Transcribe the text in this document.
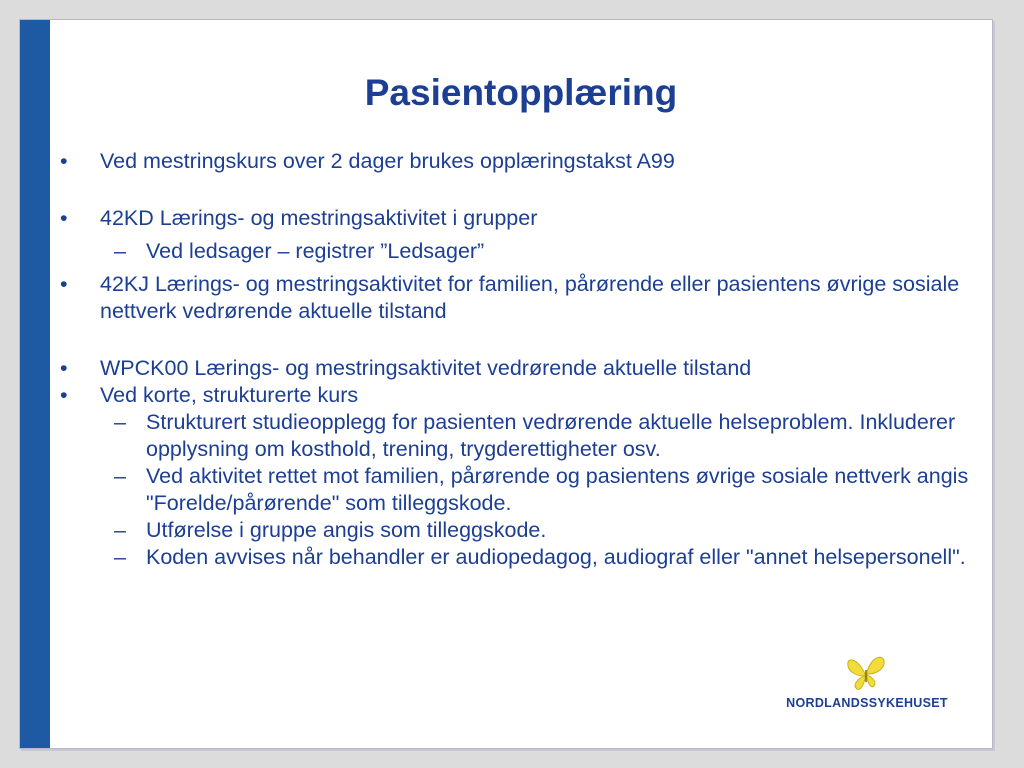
Pasientopplæring
• Ved mestringskurs over 2 dager brukes opplæringstakst A99
• 42KD Lærings- og mestringsaktivitet i grupper
– Ved ledsager – registrer ”Ledsager”
• 42KJ Lærings- og mestringsaktivitet for familien, pårørende eller pasientens øvrige sosiale nettverk vedrørende aktuelle tilstand
• WPCK00 Lærings- og mestringsaktivitet vedrørende aktuelle tilstand
• Ved korte, strukturerte kurs
– Strukturert studieopplegg for pasienten vedrørende aktuelle helseproblem. Inkluderer opplysning om kosthold, trening, trygderettigheter osv.
– Ved aktivitet rettet mot familien, pårørende og pasientens øvrige sosiale nettverk angis "Forelde/pårørende" som tilleggskode.
– Utførelse i gruppe angis som tilleggskode.
– Koden avvises når behandler er audiopedagog, audiograf eller "annet helsepersonell".
NORDLANDSSYKEHUSET
